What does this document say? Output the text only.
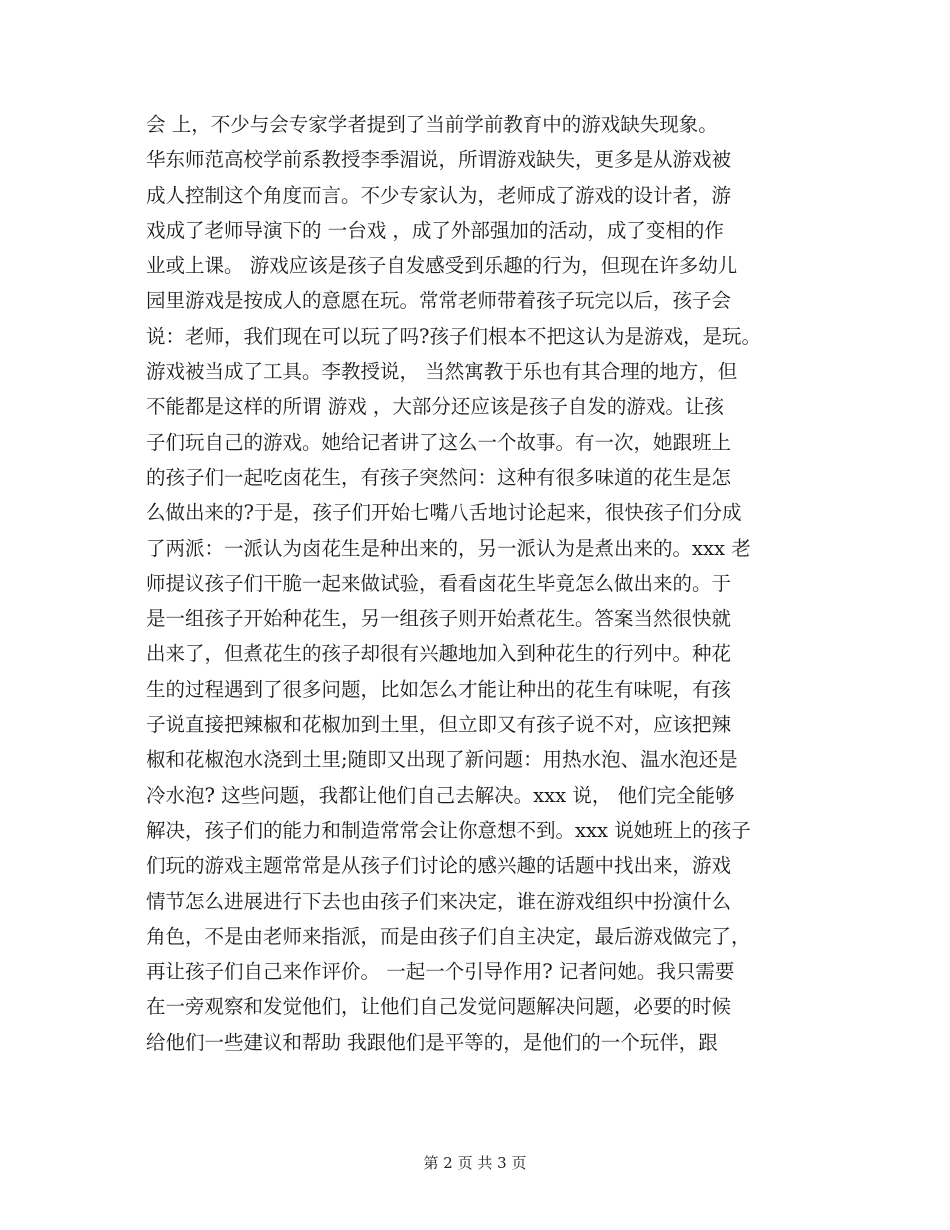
会 上，不少与会专家学者提到了当前学前教育中的游戏缺失现象。
华东师范高校学前系教授李季湄说，所谓游戏缺失，更多是从游戏被
成人控制这个角度而言。不少专家认为，老师成了游戏的设计者，游
戏成了老师导演下的 一台戏 ，成了外部强加的活动，成了变相的作
业或上课。 游戏应该是孩子自发感受到乐趣的行为，但现在许多幼儿
园里游戏是按成人的意愿在玩。常常老师带着孩子玩完以后，孩子会
说：老师，我们现在可以玩了吗?孩子们根本不把这认为是游戏，是玩。
游戏被当成了工具。李教授说， 当然寓教于乐也有其合理的地方，但
不能都是这样的所谓 游戏 ，大部分还应该是孩子自发的游戏。让孩
子们玩自己的游戏。她给记者讲了这么一个故事。有一次，她跟班上
的孩子们一起吃卤花生，有孩子突然问：这种有很多味道的花生是怎
么做出来的?于是，孩子们开始七嘴八舌地讨论起来，很快孩子们分成
了两派：一派认为卤花生是种出来的，另一派认为是煮出来的。xxx 老
师提议孩子们干脆一起来做试验，看看卤花生毕竟怎么做出来的。于
是一组孩子开始种花生，另一组孩子则开始煮花生。答案当然很快就
出来了，但煮花生的孩子却很有兴趣地加入到种花生的行列中。种花
生的过程遇到了很多问题，比如怎么才能让种出的花生有味呢，有孩
子说直接把辣椒和花椒加到土里，但立即又有孩子说不对，应该把辣
椒和花椒泡水浇到土里;随即又出现了新问题：用热水泡、温水泡还是
冷水泡? 这些问题，我都让他们自己去解决。xxx 说， 他们完全能够
解决，孩子们的能力和制造常常会让你意想不到。xxx 说她班上的孩子
们玩的游戏主题常常是从孩子们讨论的感兴趣的话题中找出来，游戏
情节怎么进展进行下去也由孩子们来决定，谁在游戏组织中扮演什么
角色，不是由老师来指派，而是由孩子们自主决定，最后游戏做完了，
再让孩子们自己来作评价。 一起一个引导作用? 记者问她。我只需要
在一旁观察和发觉他们，让他们自己发觉问题解决问题，必要的时候
给他们一些建议和帮助 我跟他们是平等的，是他们的一个玩伴，跟
第 2 页 共 3 页
